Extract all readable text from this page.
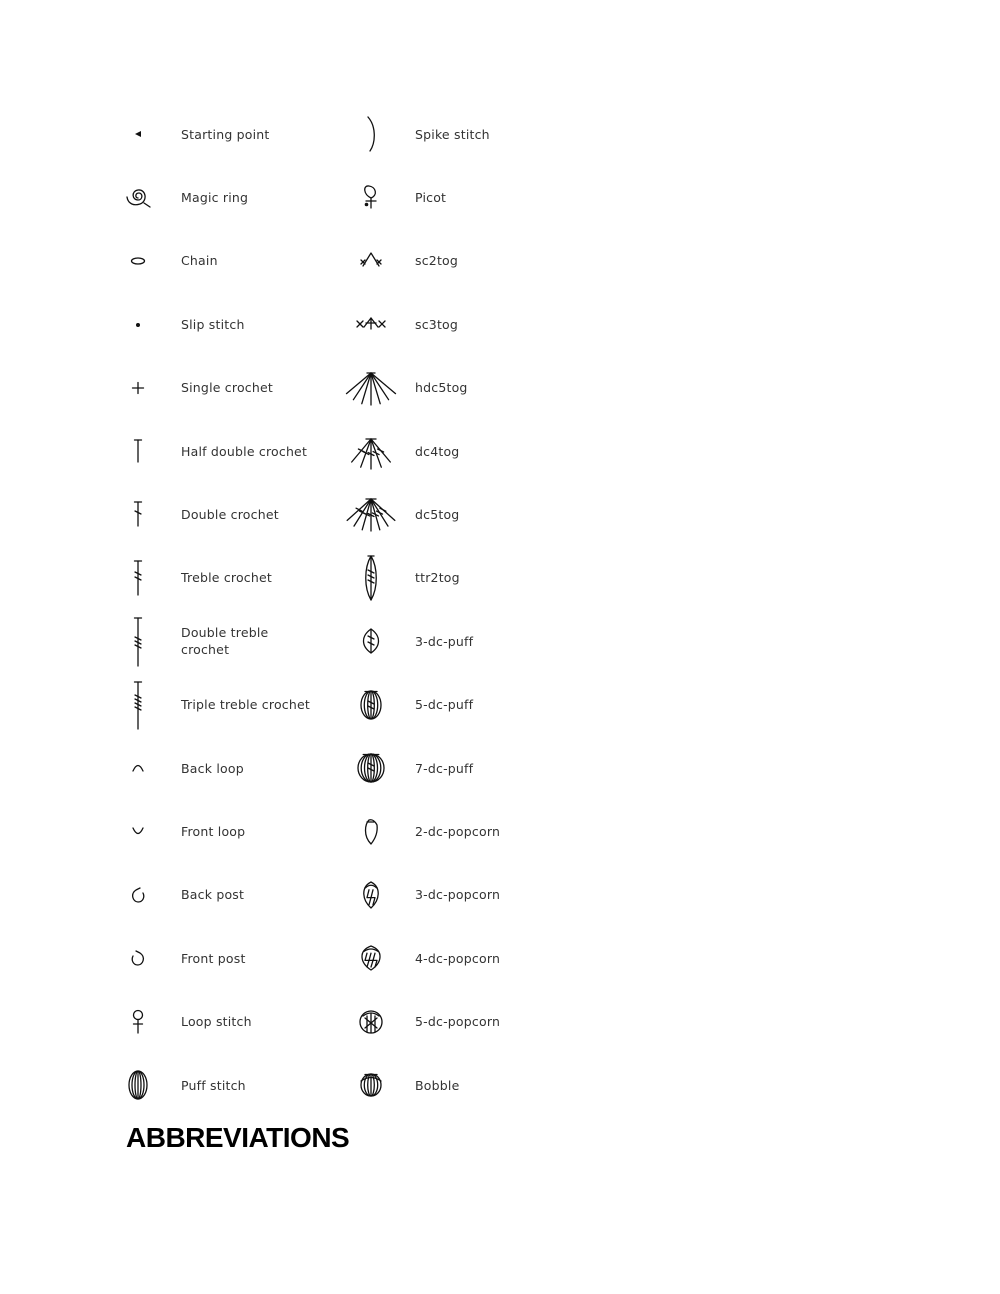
Starting point
Magic ring
Chain
Slip stitch
Single crochet
Half double crochet
Double crochet
Treble crochet
Double treble crochet
Triple treble crochet
Back loop
Front loop
Back post
Front post
Loop stitch
Puff stitch
Spike stitch
Picot
sc2tog
sc3tog
hdc5tog
dc4tog
dc5tog
ttr2tog
3-dc-puff
5-dc-puff
7-dc-puff
2-dc-popcorn
3-dc-popcorn
4-dc-popcorn
5-dc-popcorn
Bobble
ABBREVIATIONS
